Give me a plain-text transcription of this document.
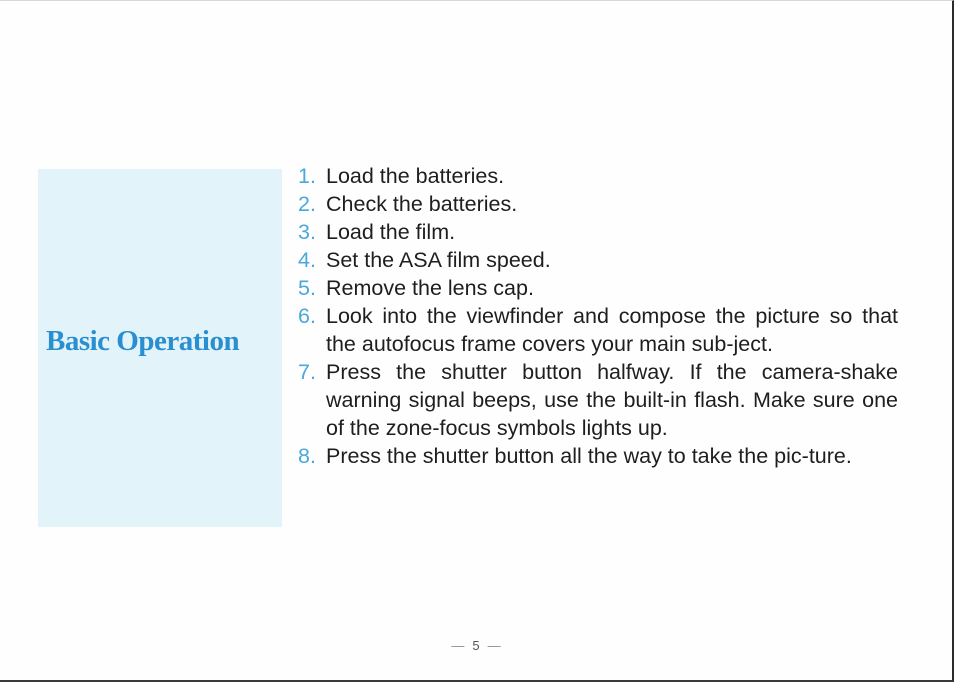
Basic Operation
1. Load the batteries.
2. Check the batteries.
3. Load the film.
4. Set the ASA film speed.
5. Remove the lens cap.
6. Look into the viewfinder and compose the picture so that the autofocus frame covers your main sub-ject.
7. Press the shutter button halfway. If the camera-shake warning signal beeps, use the built-in flash. Make sure one of the zone-focus symbols lights up.
8. Press the shutter button all the way to take the pic-ture.
— 5 —
